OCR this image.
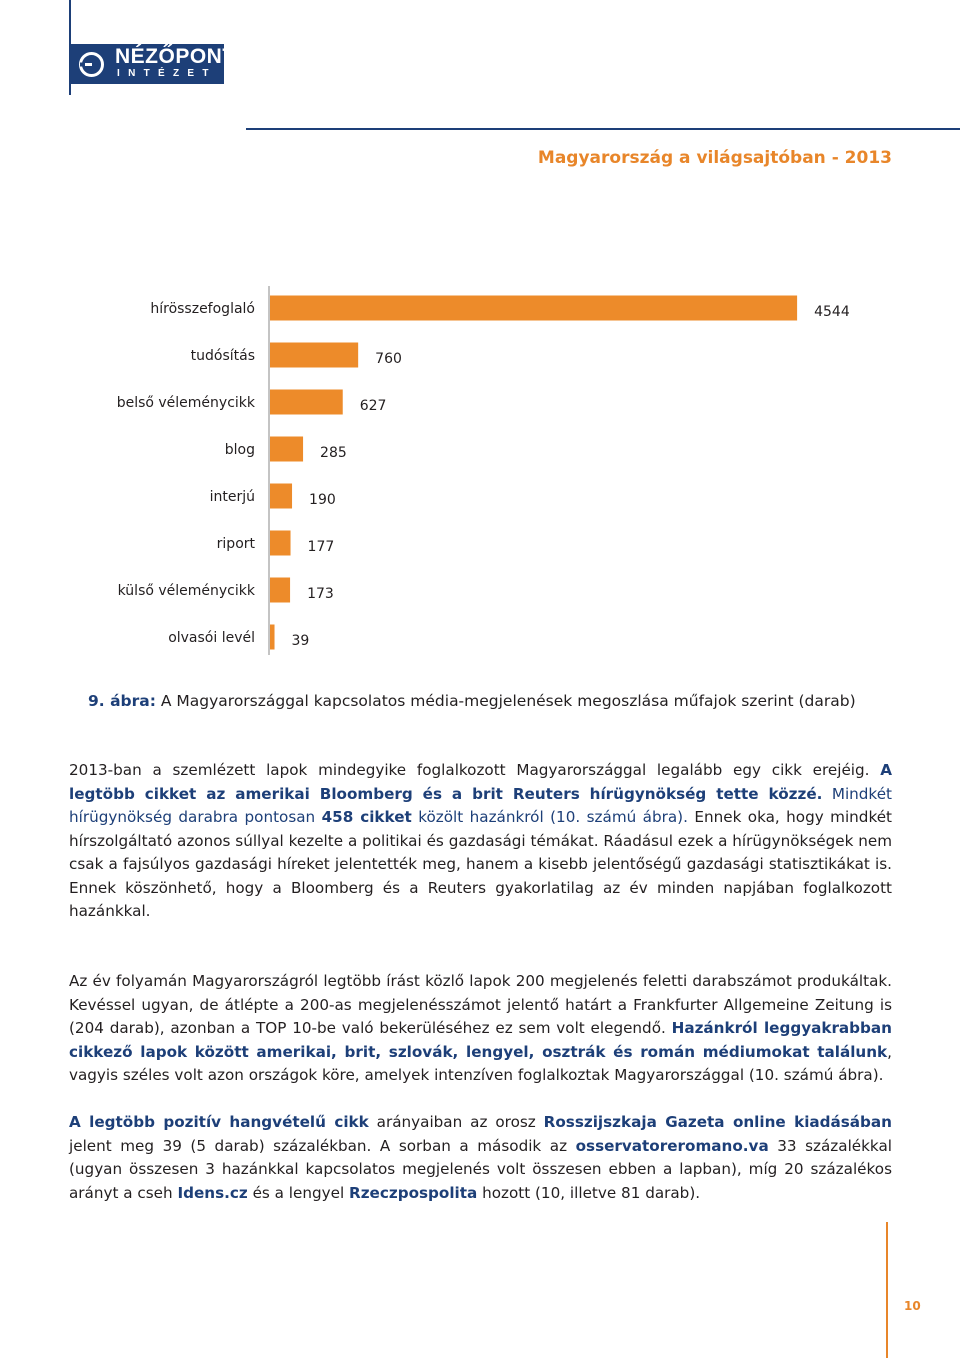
NÉZŐPONT
INTÉZET
Magyarország a világsajtóban - 2013
hírösszefoglaló	4544
tudósítás	760
belső véleménycikk	627
blog	285
interjú	190
riport	177
külső véleménycikk	173
olvasói levél	39
9. ábra: A Magyarországgal kapcsolatos média-megjelenések megoszlása műfajok szerint (darab)

2013-ban a szemlézett lapok mindegyike foglalkozott Magyarországgal legalább egy cikk erejéig. A legtöbb cikket az amerikai Bloomberg és a brit Reuters hírügynökség tette közzé. Mindkét hírügynökség darabra pontosan 458 cikket közölt hazánkról (10. számú ábra). Ennek oka, hogy mindkét hírszolgáltató azonos súllyal kezelte a politikai és gazdasági témákat. Ráadásul ezek a hírügynökségek nem csak a fajsúlyos gazdasági híreket jelentették meg, hanem a kisebb jelentőségű gazdasági statisztikákat is. Ennek köszönhető, hogy a Bloomberg és a Reuters gyakorlatilag az év minden napjában foglalkozott hazánkkal.

Az év folyamán Magyarországról legtöbb írást közlő lapok 200 megjelenés feletti darabszámot produkáltak. Kevéssel ugyan, de átlépte a 200-as megjelenésszámot jelentő határt a Frankfurter Allgemeine Zeitung is (204 darab), azonban a TOP 10-be való bekerüléséhez ez sem volt elegendő. Hazánkról leggyakrabban cikkező lapok között amerikai, brit, szlovák, lengyel, osztrák és román médiumokat találunk, vagyis széles volt azon országok köre, amelyek intenzíven foglalkoztak Magyarországgal (10. számú ábra).

A legtöbb pozitív hangvételű cikk arányaiban az orosz Rosszijszkaja Gazeta online kiadásában jelent meg 39 (5 darab) százalékban. A sorban a második az osservatoreromano.va 33 százalékkal (ugyan összesen 3 hazánkkal kapcsolatos megjelenés volt összesen ebben a lapban), míg 20 százalékos arányt a cseh Idens.cz és a lengyel Rzeczpospolita hozott (10, illetve 81 darab).

10
